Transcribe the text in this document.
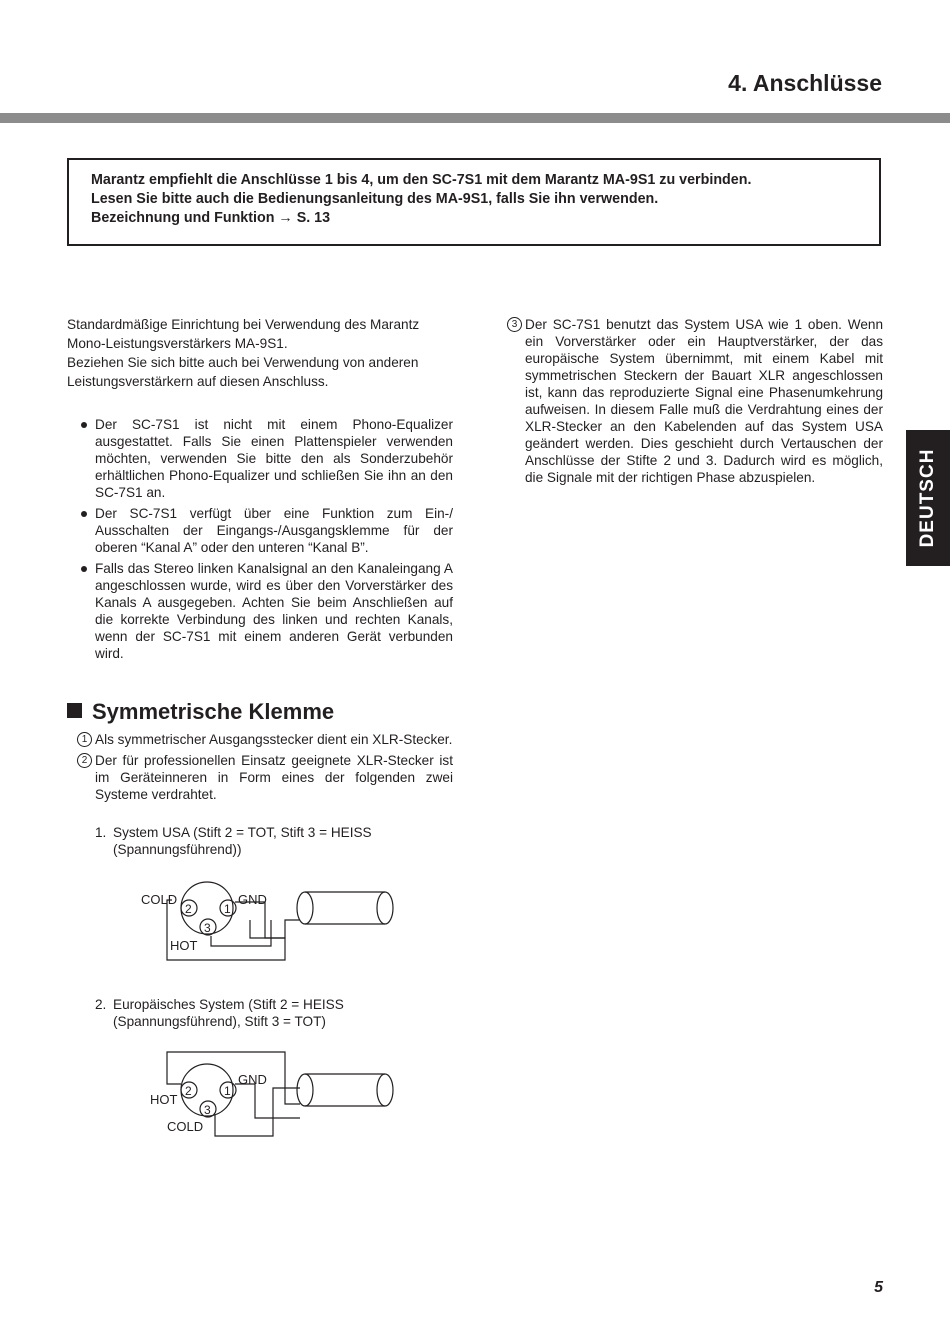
4. Anschlüsse

Marantz empfiehlt die Anschlüsse 1 bis 4, um den SC-7S1 mit dem Marantz MA-9S1 zu verbinden.

Lesen Sie bitte auch die Bedienungsanleitung des MA-9S1, falls Sie ihn verwenden.

Bezeichnung und Funktion → S. 13

Standardmäßige Einrichtung bei Verwendung des Marantz Mono-Leistungsverstärkers MA-9S1.

Beziehen Sie sich bitte auch bei Verwendung von anderen Leistungsverstärkern auf diesen Anschluss.

Der SC-7S1 ist nicht mit einem Phono-Equalizer ausgestattet. Falls Sie einen Plattenspieler verwenden möchten, verwenden Sie bitte den als Sonderzubehör erhältlichen Phono-Equalizer und schließen Sie ihn an den SC-7S1 an.

Der SC-7S1 verfügt über eine Funktion zum Ein-/ Ausschalten der Eingangs-/Ausgangsklemme für der oberen “Kanal A” oder den unteren “Kanal B”.

Falls das Stereo linken Kanalsignal an den Kanaleingang A angeschlossen wurde, wird es über den Vorverstärker des Kanals A ausgegeben. Achten Sie beim Anschließen auf die korrekte Verbindung des linken und rechten Kanals, wenn der SC-7S1 mit einem anderen Gerät verbunden wird.

Symmetrische Klemme

1 Als symmetrischer Ausgangsstecker dient ein XLR-Stecker.

2 Der für professionellen Einsatz geeignete XLR-Stecker ist im Geräteinneren in Form eines der folgenden zwei Systeme verdrahtet.

1. System USA (Stift 2 = TOT, Stift 3 = HEISS (Spannungsführend))
COLD	GND
HOT
2	1
3
2. Europäisches System (Stift 2 = HEISS (Spannungsführend), Stift 3 = TOT)
HOT
GND
COLD
2	1
3

3 Der SC-7S1 benutzt das System USA wie 1 oben. Wenn ein Vorverstärker oder ein Hauptverstärker, der das europäische System übernimmt, mit einem Kabel mit symmetrischen Steckern der Bauart XLR angeschlossen ist, kann das reproduzierte Signal eine Phasenumkehrung aufweisen. In diesem Falle muß die Verdrahtung eines der XLR-Stecker an den Kabelenden auf das System USA geändert werden. Dies geschieht durch Vertauschen der Anschlüsse der Stifte 2 und 3. Dadurch wird es möglich, die Signale mit der richtigen Phase abzuspielen.	DEUTSCH
5
